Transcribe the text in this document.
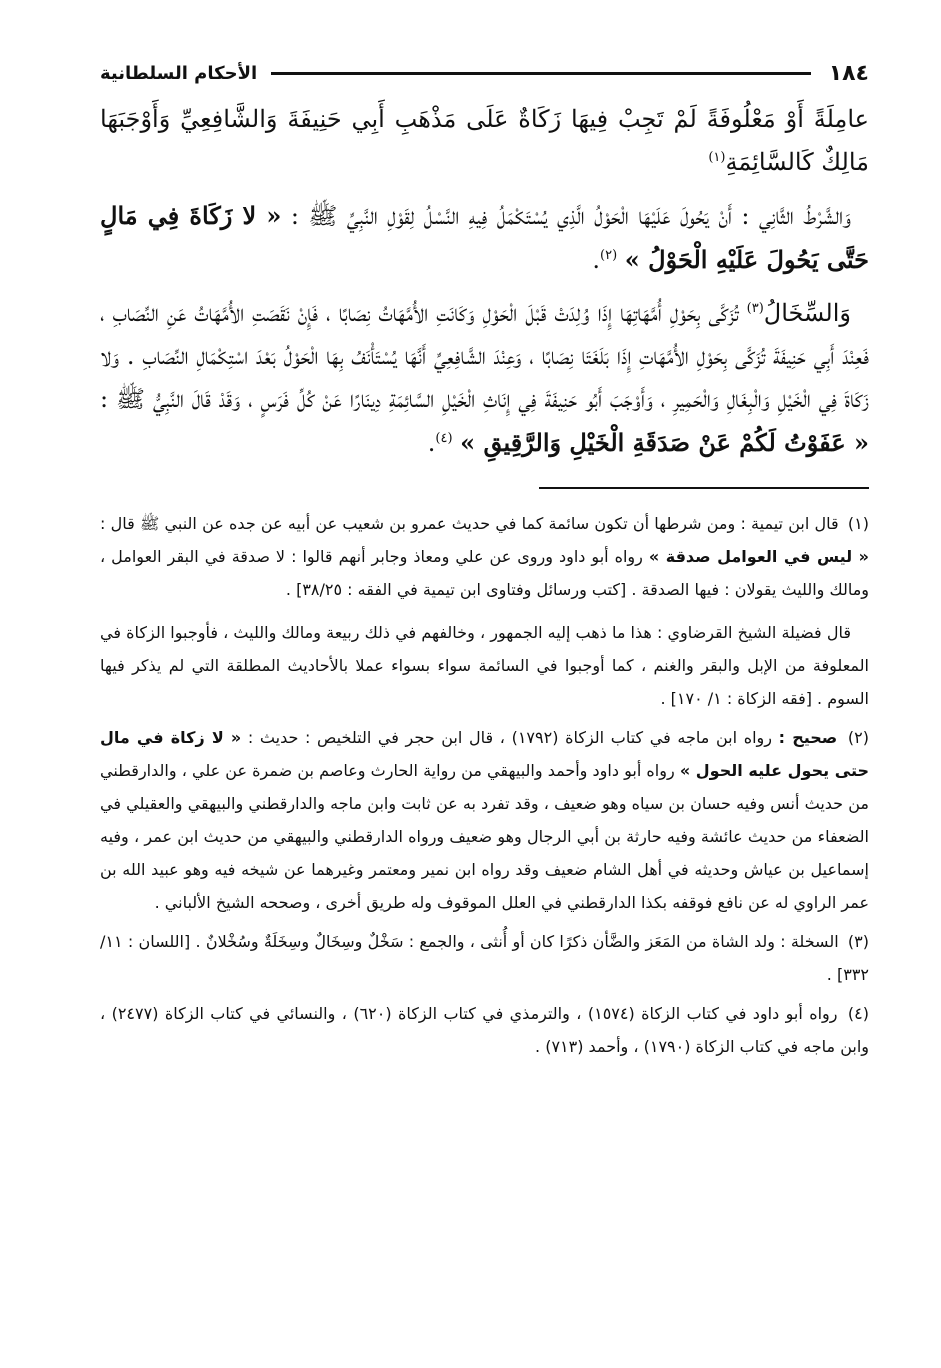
١٨٤
الأحكام السلطانية

عامِلَةً أَوْ مَعْلُوفَةً لَمْ تَجِبْ فِيهَا زَكَاةٌ عَلَى مَذْهَبِ أَبِي حَنِيفَةَ وَالشَّافِعِيِّ وَأَوْجَبَهَا مَالِكٌ كَالسَّائِمَةِ$^{(١)}$

وَالشَّرْطُ الثَّانِي : أَنْ يَحُولَ عَلَيْهَا الْحَوْلُ الَّذِي يُسْتَكْمَلُ فِيهِ النَّسْلُ لِقَوْلِ النَّبِيِّ ﷺ : « لا زَكَاةَ فِي مَالٍ حَتَّى يَحُولَ عَلَيْهِ الْحَوْلُ » $^{(٢)}$.

وَالسِّخَالُ$^{(٣)}$ تُزَكَّى بِحَوْلِ أُمَّهَاتِهَا إِذَا وُلِدَتْ قَبْلَ الْحَوْلِ وَكَانَتِ الأُمَّهَاتُ نِصَابًا ، فَإِنْ نَقَصَتِ الأُمَّهَاتُ عَنِ النِّصَابِ ، فَعِنْدَ أَبِي حَنِيفَةَ تُزَكَّى بِحَوْلِ الأُمَّهَاتِ إِذَا بَلَغَتَا نِصَابًا ، وَعِنْدَ الشَّافِعِيِّ أَنَّهَا يُسْتَأْنَفُ بِهَا الْحَوْلُ بَعْدَ اسْتِكْمَالِ النِّصَابِ . وَلا زَكَاةَ فِي الْخَيْلِ وَالْبِغَالِ وَالْحَمِيرِ ، وَأَوْجَبَ أَبُو حَنِيفَةَ فِي إِنَاثِ الْخَيْلِ السَّائِمَةِ دِينَارًا عَنْ كُلِّ فَرَسٍ ، وَقَدْ قَالَ النَّبِيُّ ﷺ : « عَفَوْتُ لَكُمْ عَنْ صَدَقَةِ الْخَيْلِ وَالرَّقِيقِ » $^{(٤)}$.

(١) قال ابن تيمية : ومن شرطها أن تكون سائمة كما في حديث عمرو بن شعيب عن أبيه عن جده عن النبي ﷺ قال : « ليس في العوامل صدقة » رواه أبو داود وروى عن علي ومعاذ وجابر أنهم قالوا : لا صدقة في البقر العوامل ، ومالك والليث يقولان : فيها الصدقة . [كتب ورسائل وفتاوى ابن تيمية في الفقه : ٣٨/٢٥] .

قال فضيلة الشيخ القرضاوي : هذا ما ذهب إليه الجمهور ، وخالفهم في ذلك ربيعة ومالك والليث ، فأوجبوا الزكاة في المعلوفة من الإبل والبقر والغنم ، كما أوجبوا في السائمة سواء بسواء عملا بالأحاديث المطلقة التي لم يذكر فيها السوم . [فقه الزكاة : ١/ ١٧٠] .

(٢) صحيح : رواه ابن ماجه في كتاب الزكاة (١٧٩٢) ، قال ابن حجر في التلخيص : حديث : « لا زكاة في مال حتى يحول عليه الحول » رواه أبو داود وأحمد والبيهقي من رواية الحارث وعاصم بن ضمرة عن علي ، والدارقطني من حديث أنس وفيه حسان بن سياه وهو ضعيف ، وقد تفرد به عن ثابت وابن ماجه والدارقطني والبيهقي والعقيلي في الضعفاء من حديث عائشة وفيه حارثة بن أبي الرجال وهو ضعيف ورواه الدارقطني والبيهقي من حديث ابن عمر ، وفيه إسماعيل بن عياش وحديثه في أهل الشام ضعيف وقد رواه ابن نمير ومعتمر وغيرهما عن شيخه فيه وهو عبيد الله بن عمر الراوي له عن نافع فوقفه بكذا الدارقطني في العلل الموقوف وله طريق أخرى ، وصححه الشيخ الألباني .

(٣) السخلة : ولد الشاة من المَعَز والضَّأن ذكرًا كان أو أُنثى ، والجمع : سَخْلٌ وسِخَالٌ وسِخَلَةٌ وسُخْلانٌ . [اللسان : ١١/ ٣٣٢] .

(٤) رواه أبو داود في كتاب الزكاة (١٥٧٤) ، والترمذي في كتاب الزكاة (٦٢٠) ، والنسائي في كتاب الزكاة (٢٤٧٧) ، وابن ماجه في كتاب الزكاة (١٧٩٠) ، وأحمد (٧١٣) .
